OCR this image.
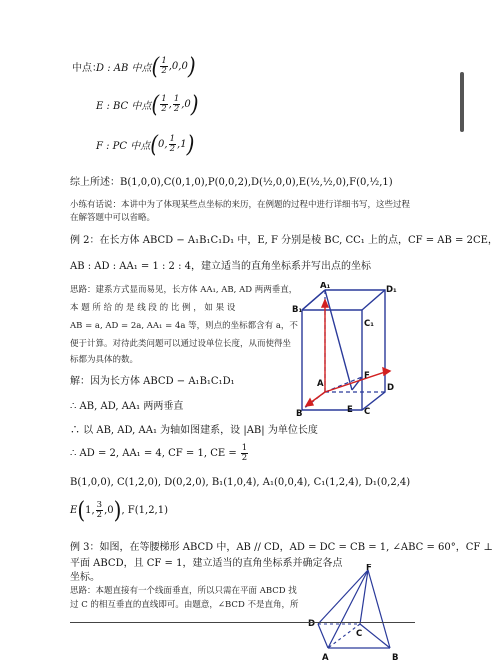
中点：
D : AB 中点 ( $\frac{1}{2} ,0,0$ )
E : BC 中点 ( $\frac{1}{2}$ , $\frac{1}{2} ,0$ )
F : PC 中点 ( 0, $\frac{1}{2} ,1$ )
综上所述：B(1,0,0),C(0,1,0),P(0,0,2),D(½,0,0),E(½,½,0),F(0,½,1)
小练有话说：本讲中为了体现某些点坐标的来历，在例题的过程中进行详细书写，这些过程
在解答题中可以省略。
例 2：在长方体 ABCD − A₁B₁C₁D₁ 中，E, F 分别是棱 BC, CC₁ 上的点，CF = AB = 2CE，
AB : AD : AA₁ = 1 : 2 : 4，建立适当的直角坐标系并写出点的坐标
思路：建系方式显而易见，长方体 AA₁, AB, AD 两两垂直，
本 题 所 给 的 是 线 段 的 比 例 ， 如 果 设
AB = a, AD = 2a, AA₁ = 4a 等，则点的坐标都含有 a，不
便于计算。对待此类问题可以通过设单位长度，从而使得坐
标都为具体的数。
解：因为长方体 ABCD − A₁B₁C₁D₁
∴ AB, AD, AA₁ 两两垂直
∴ 以 AB, AD, AA₁ 为轴如图建系，设 |AB| 为单位长度
∴ AD = 2, AA₁ = 4, CF = 1, CE = $\frac{1}{2}$
B(1,0,0), C(1,2,0), D(0,2,0), B₁(1,0,4), A₁(0,0,4), C₁(1,2,4), D₁(0,2,4)
E ( 1, $\frac{3}{2} ,0$ ) , F(1,2,1)
例 3：如图，在等腰梯形 ABCD 中，AB // CD，AD = DC = CB = 1, ∠ABC = 60°，CF ⊥
平面 ABCD，且 CF = 1，建立适当的直角坐标系并确定各点
坐标。
思路：本题直接有一个线面垂直，所以只需在平面 ABCD 找
过 C 的相互垂直的直线即可。由题意，∠BCD 不是直角，所
A₁	D₁
B₁
C₁
A
F
D
B	E C
F
D
C
A	B
